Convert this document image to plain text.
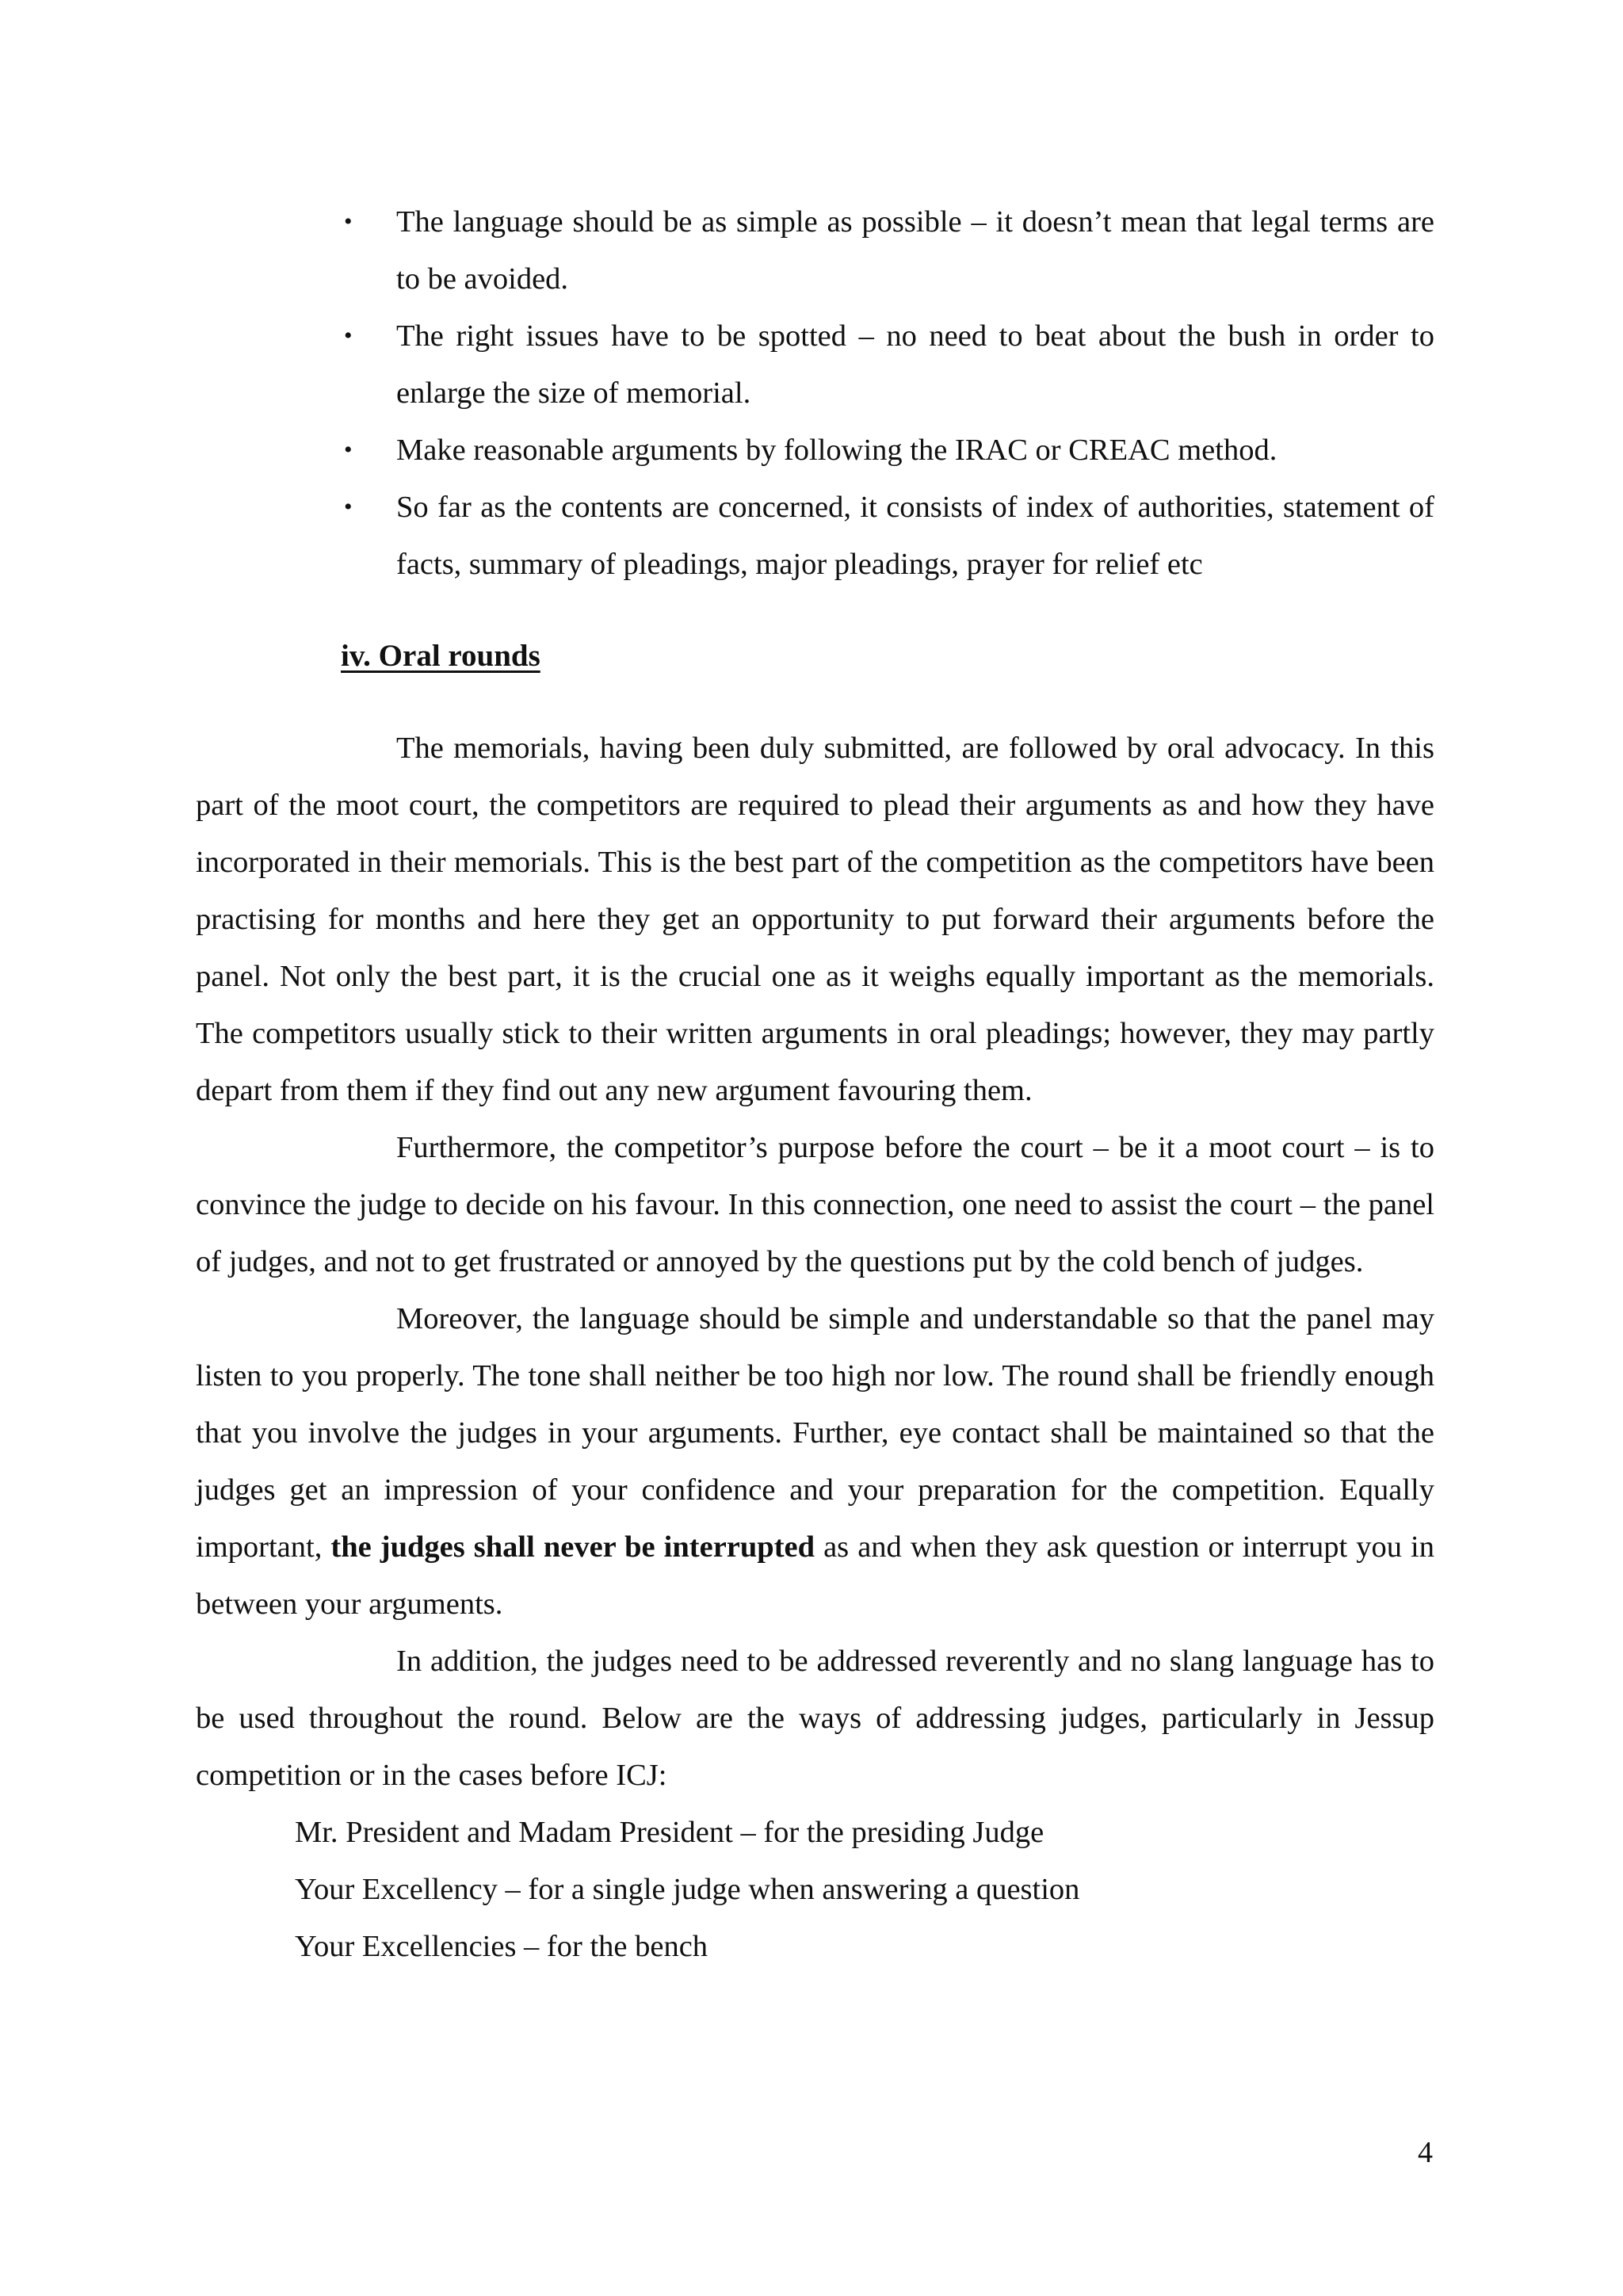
• The language should be as simple as possible – it doesn’t mean that legal terms are to be avoided.
• The right issues have to be spotted – no need to beat about the bush in order to enlarge the size of memorial.
• Make reasonable arguments by following the IRAC or CREAC method.
• So far as the contents are concerned, it consists of index of authorities, statement of facts, summary of pleadings, major pleadings, prayer for relief etc
iv. Oral rounds

The memorials, having been duly submitted, are followed by oral advocacy. In this part of the moot court, the competitors are required to plead their arguments as and how they have incorporated in their memorials. This is the best part of the competition as the competitors have been practising for months and here they get an opportunity to put forward their arguments before the panel. Not only the best part, it is the crucial one as it weighs equally important as the memorials. The competitors usually stick to their written arguments in oral pleadings; however, they may partly depart from them if they find out any new argument favouring them.

Furthermore, the competitor’s purpose before the court – be it a moot court – is to convince the judge to decide on his favour. In this connection, one need to assist the court – the panel of judges, and not to get frustrated or annoyed by the questions put by the cold bench of judges.

Moreover, the language should be simple and understandable so that the panel may listen to you properly. The tone shall neither be too high nor low. The round shall be friendly enough that you involve the judges in your arguments. Further, eye contact shall be maintained so that the judges get an impression of your confidence and your preparation for the competition. Equally important, the judges shall never be interrupted as and when they ask question or interrupt you in between your arguments.

In addition, the judges need to be addressed reverently and no slang language has to be used throughout the round. Below are the ways of addressing judges, particularly in Jessup competition or in the cases before ICJ:

Mr. President and Madam President – for the presiding Judge
Your Excellency – for a single judge when answering a question
Your Excellencies – for the bench
4
